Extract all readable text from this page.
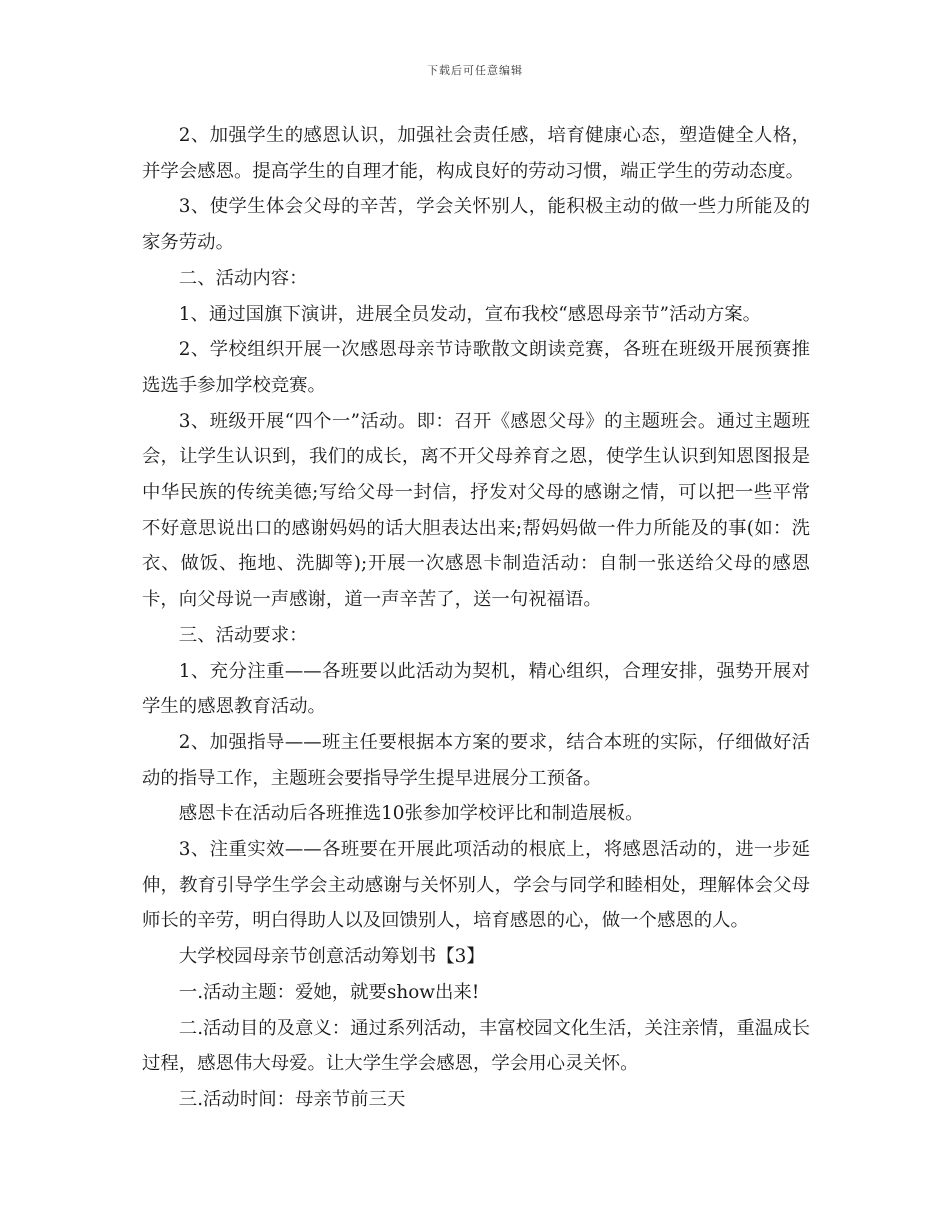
下载后可任意编辑

2、加强学生的感恩认识，加强社会责任感，培育健康心态，塑造健全人格，并学会感恩。提高学生的自理才能，构成良好的劳动习惯，端正学生的劳动态度。

3、使学生体会父母的辛苦，学会关怀别人，能积极主动的做一些力所能及的家务劳动。

二、活动内容：

1、通过国旗下演讲，进展全员发动，宣布我校“感恩母亲节”活动方案。

2、学校组织开展一次感恩母亲节诗歌散文朗读竞赛，各班在班级开展预赛推选选手参加学校竞赛。

3、班级开展“四个一”活动。即：召开《感恩父母》的主题班会。通过主题班会，让学生认识到，我们的成长，离不开父母养育之恩，使学生认识到知恩图报是中华民族的传统美德;写给父母一封信，抒发对父母的感谢之情，可以把一些平常不好意思说出口的感谢妈妈的话大胆表达出来;帮妈妈做一件力所能及的事(如：洗衣、做饭、拖地、洗脚等);开展一次感恩卡制造活动：自制一张送给父母的感恩卡，向父母说一声感谢，道一声辛苦了，送一句祝福语。

三、活动要求：

1、充分注重——各班要以此活动为契机，精心组织，合理安排，强势开展对学生的感恩教育活动。

2、加强指导——班主任要根据本方案的要求，结合本班的实际，仔细做好活动的指导工作，主题班会要指导学生提早进展分工预备。

感恩卡在活动后各班推选10张参加学校评比和制造展板。

3、注重实效——各班要在开展此项活动的根底上，将感恩活动的，进一步延伸，教育引导学生学会主动感谢与关怀别人，学会与同学和睦相处，理解体会父母师长的辛劳，明白得助人以及回馈别人，培育感恩的心，做一个感恩的人。

大学校园母亲节创意活动筹划书【3】

一.活动主题：爱她，就要show出来!

二.活动目的及意义：通过系列活动，丰富校园文化生活，关注亲情，重温成长过程，感恩伟大母爱。让大学生学会感恩，学会用心灵关怀。

三.活动时间：母亲节前三天
